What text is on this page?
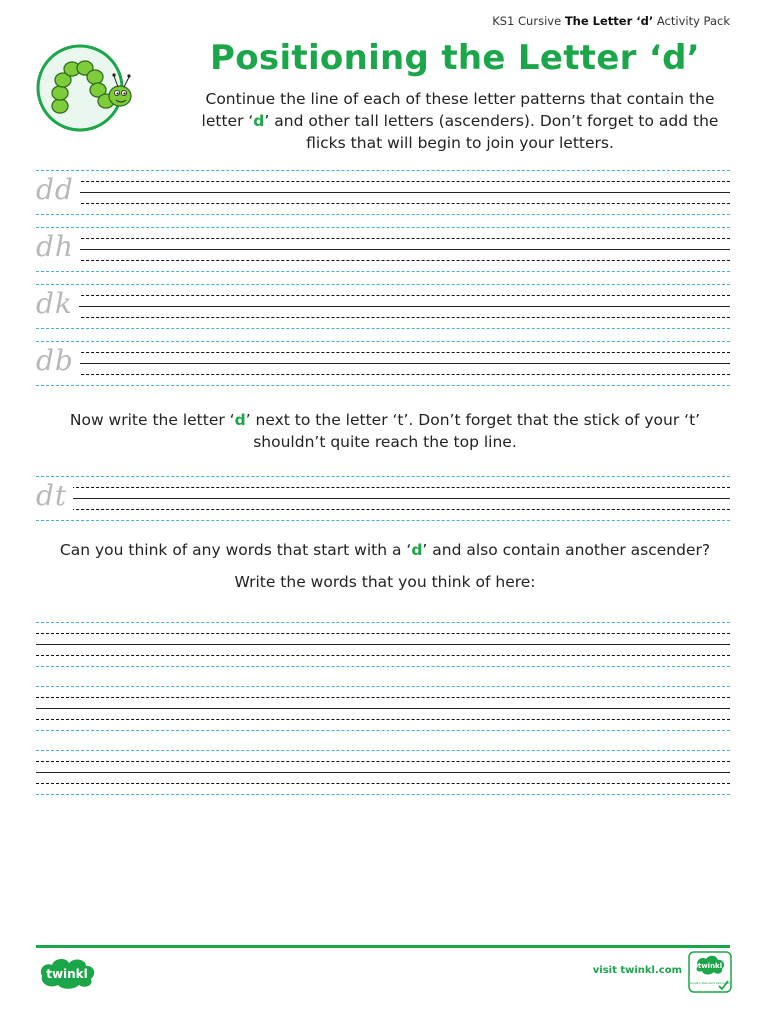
KS1 Cursive The Letter ‘d’ Activity Pack
Positioning the Letter ‘d’
Continue the line of each of these letter patterns that contain the letter ‘d’ and other tall letters (ascenders). Don’t forget to add the flicks that will begin to join your letters.
dd
dh
dk
db
Now write the letter ‘d’ next to the letter ‘t’. Don’t forget that the stick of your ‘t’ shouldn’t quite reach the top line.
dt
Can you think of any words that start with a ‘d’ and also contain another ascender?
Write the words that you think of here:
twinkl	visit twinkl.com twinkl
Quality Standard Approved
